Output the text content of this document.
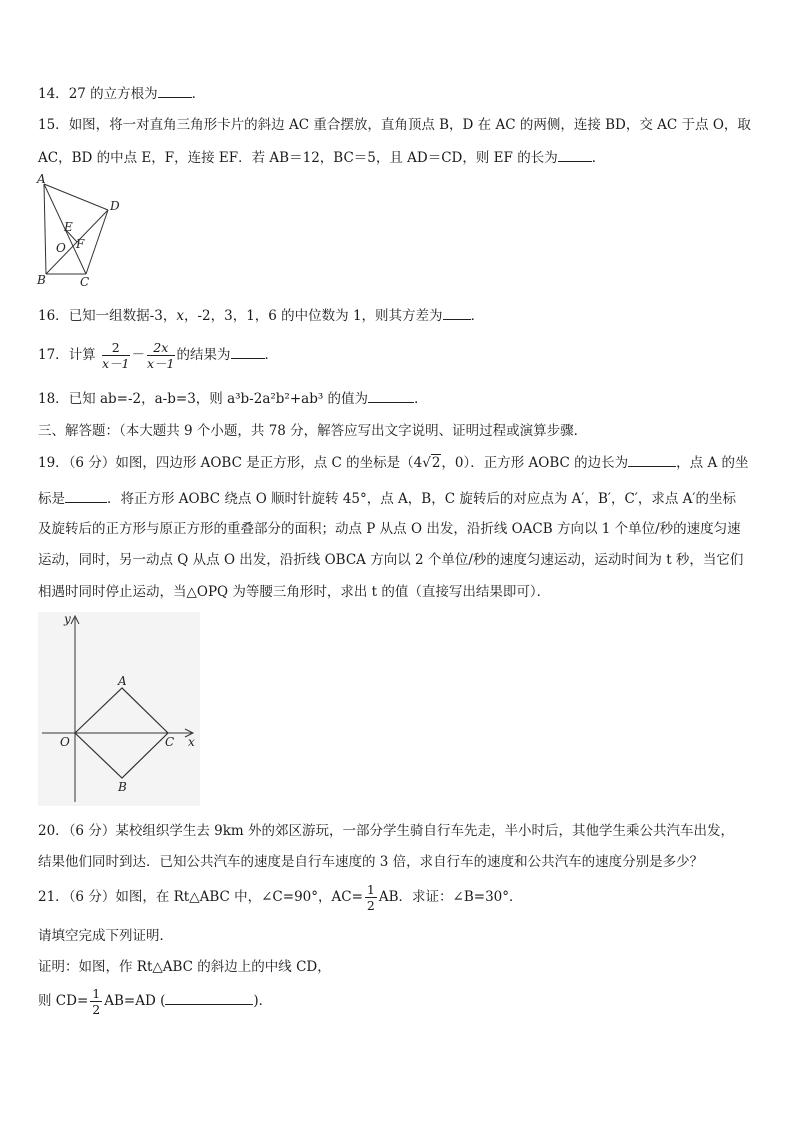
14．27 的立方根为	．
15．如图，将一对直角三角形卡片的斜边 AC 重合摆放，直角顶点 B，D 在 AC 的两侧，连接 BD，交 AC 于点 O，取
AC，BD 的中点 E，F，连接 EF．若 AB＝12，BC＝5，且 AD＝CD，则 EF 的长为	．
A
D
E
O F
B	C
16．已知一组数据-3，x，-2，3，1，6 的中位数为 1，则其方差为 ．
17．计算 $\frac{2}{x-1} - \frac{2x}{x-1}$ 的结果为	．
18．已知 ab=-2，a-b=3，则 a³b-2a²b²+ab³ 的值为	．
三、解答题：（本大题共 9 个小题，共 78 分，解答应写出文字说明、证明过程或演算步骤．
19．（6 分）如图，四边形 AOBC 是正方形，点 C 的坐标是（4√2，0）．正方形 AOBC 的边长为	，点 A 的坐
标是	．将正方形 AOBC 绕点 O 顺时针旋转 45°，点 A，B，C 旋转后的对应点为 A′，B′，C′，求点 A′的坐标
及旋转后的正方形与原正方形的重叠部分的面积；动点 P 从点 O 出发，沿折线 OACB 方向以 1 个单位/秒的速度匀速
运动，同时，另一动点 Q 从点 O 出发，沿折线 OBCA 方向以 2 个单位/秒的速度匀速运动，运动时间为 t 秒，当它们
相遇时同时停止运动，当△OPQ 为等腰三角形时，求出 t 的值（直接写出结果即可）．
y
x
O
A
C
B
20．（6 分）某校组织学生去 9km 外的郊区游玩，一部分学生骑自行车先走，半小时后，其他学生乘公共汽车出发，
结果他们同时到达．已知公共汽车的速度是自行车速度的 3 倍，求自行车的速度和公共汽车的速度分别是多少？
21．（6 分）如图，在 Rt△ABC 中，∠C=90°，$AC= \frac{1}{2}$ AB．求证：∠B=30°．
请填空完成下列证明．
证明：如图，作 Rt△ABC 的斜边上的中线 CD，
则 $CD= \frac{1}{2} AB=AD$ (	)．
